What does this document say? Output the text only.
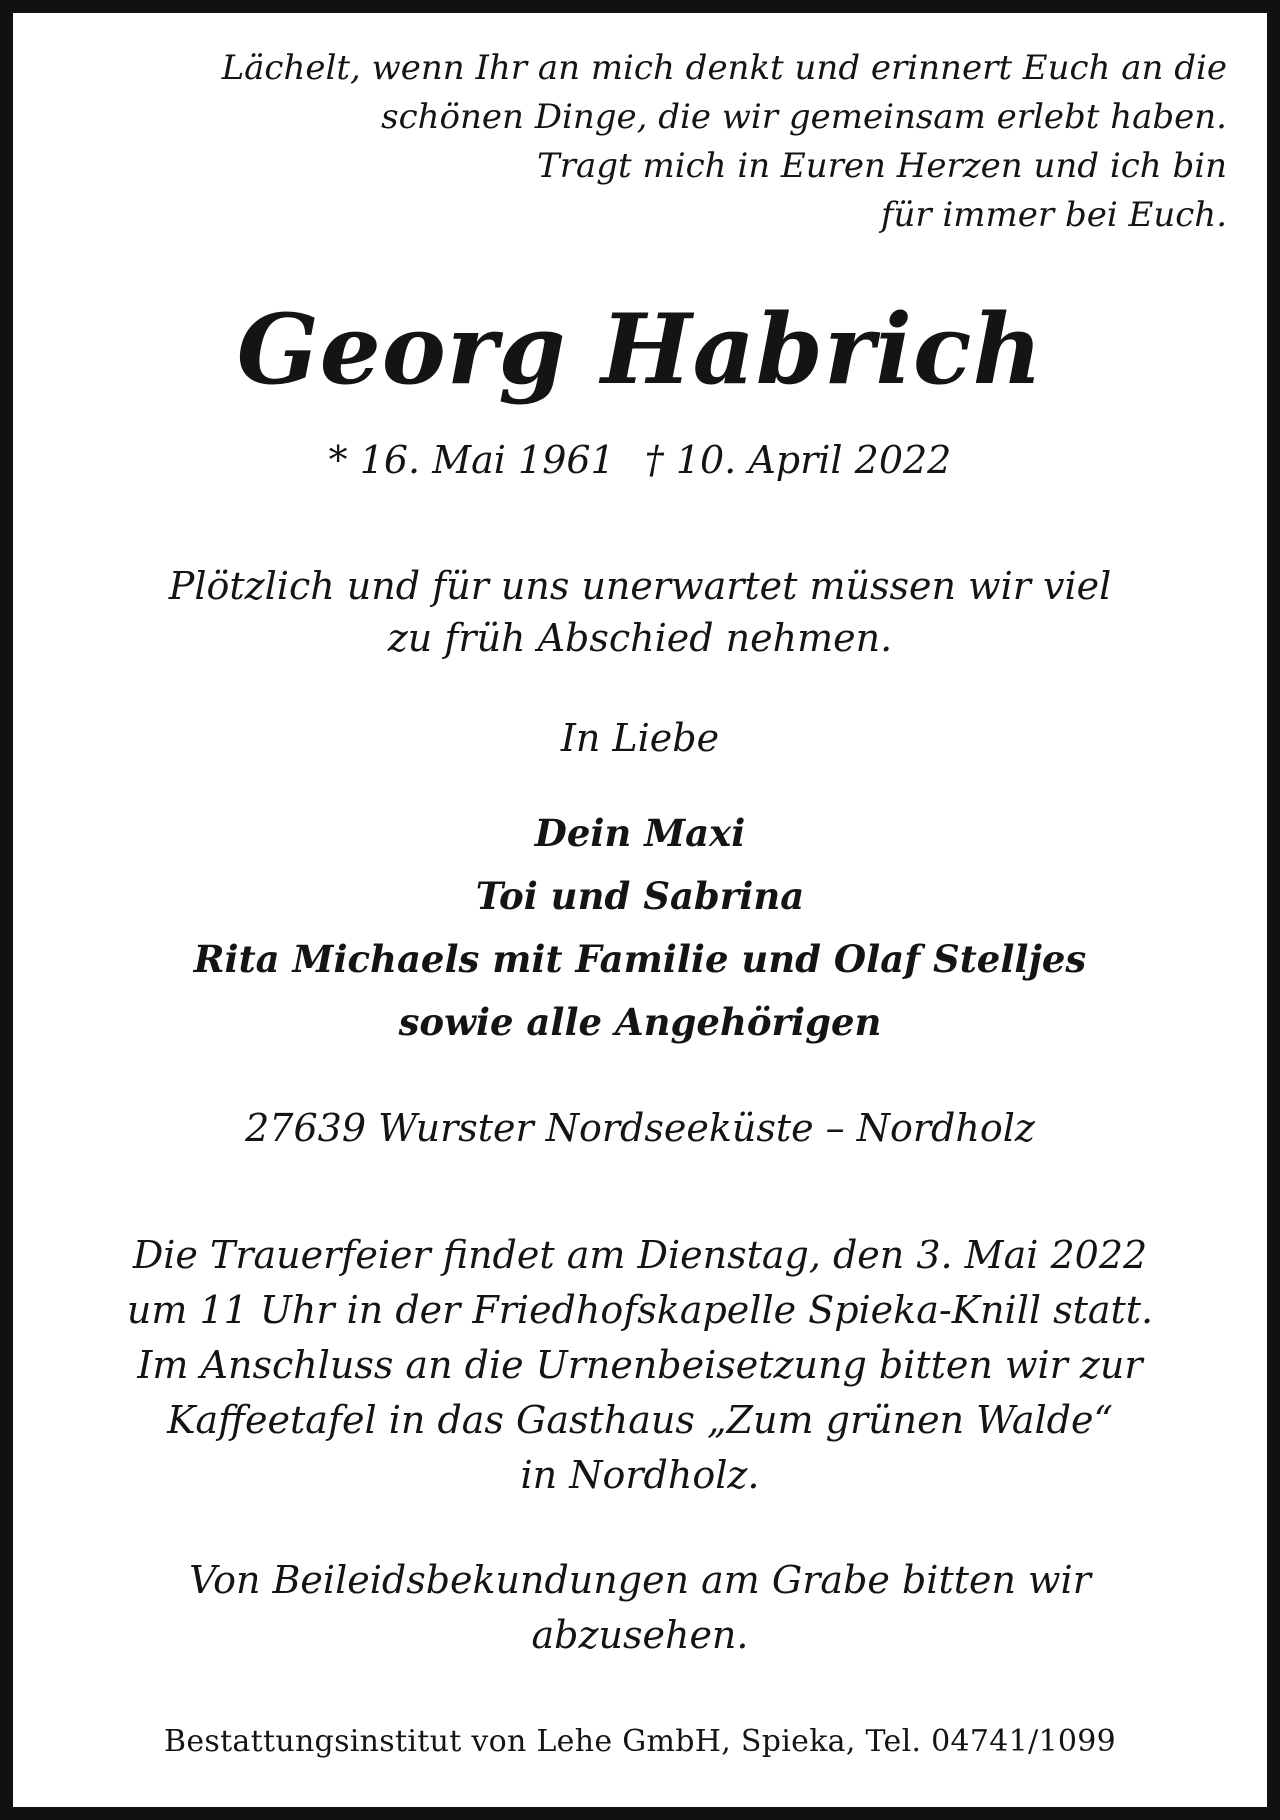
Lächelt, wenn Ihr an mich denkt und erinnert Euch an die
schönen Dinge, die wir gemeinsam erlebt haben.
Tragt mich in Euren Herzen und ich bin
für immer bei Euch.
Georg Habrich
* 16. Mai 1961 † 10. April 2022
Plötzlich und für uns unerwartet müssen wir viel
zu früh Abschied nehmen.
In Liebe
Dein Maxi
Toi und Sabrina
Rita Michaels mit Familie und Olaf Stelljes
sowie alle Angehörigen
27639 Wurster Nordseeküste – Nordholz
Die Trauerfeier findet am Dienstag, den 3. Mai 2022
um 11 Uhr in der Friedhofskapelle Spieka-Knill statt.
Im Anschluss an die Urnenbeisetzung bitten wir zur
Kaffeetafel in das Gasthaus „Zum grünen Walde“
in Nordholz.
Von Beileidsbekundungen am Grabe bitten wir
abzusehen.
Bestattungsinstitut von Lehe GmbH, Spieka, Tel. 04741/1099
